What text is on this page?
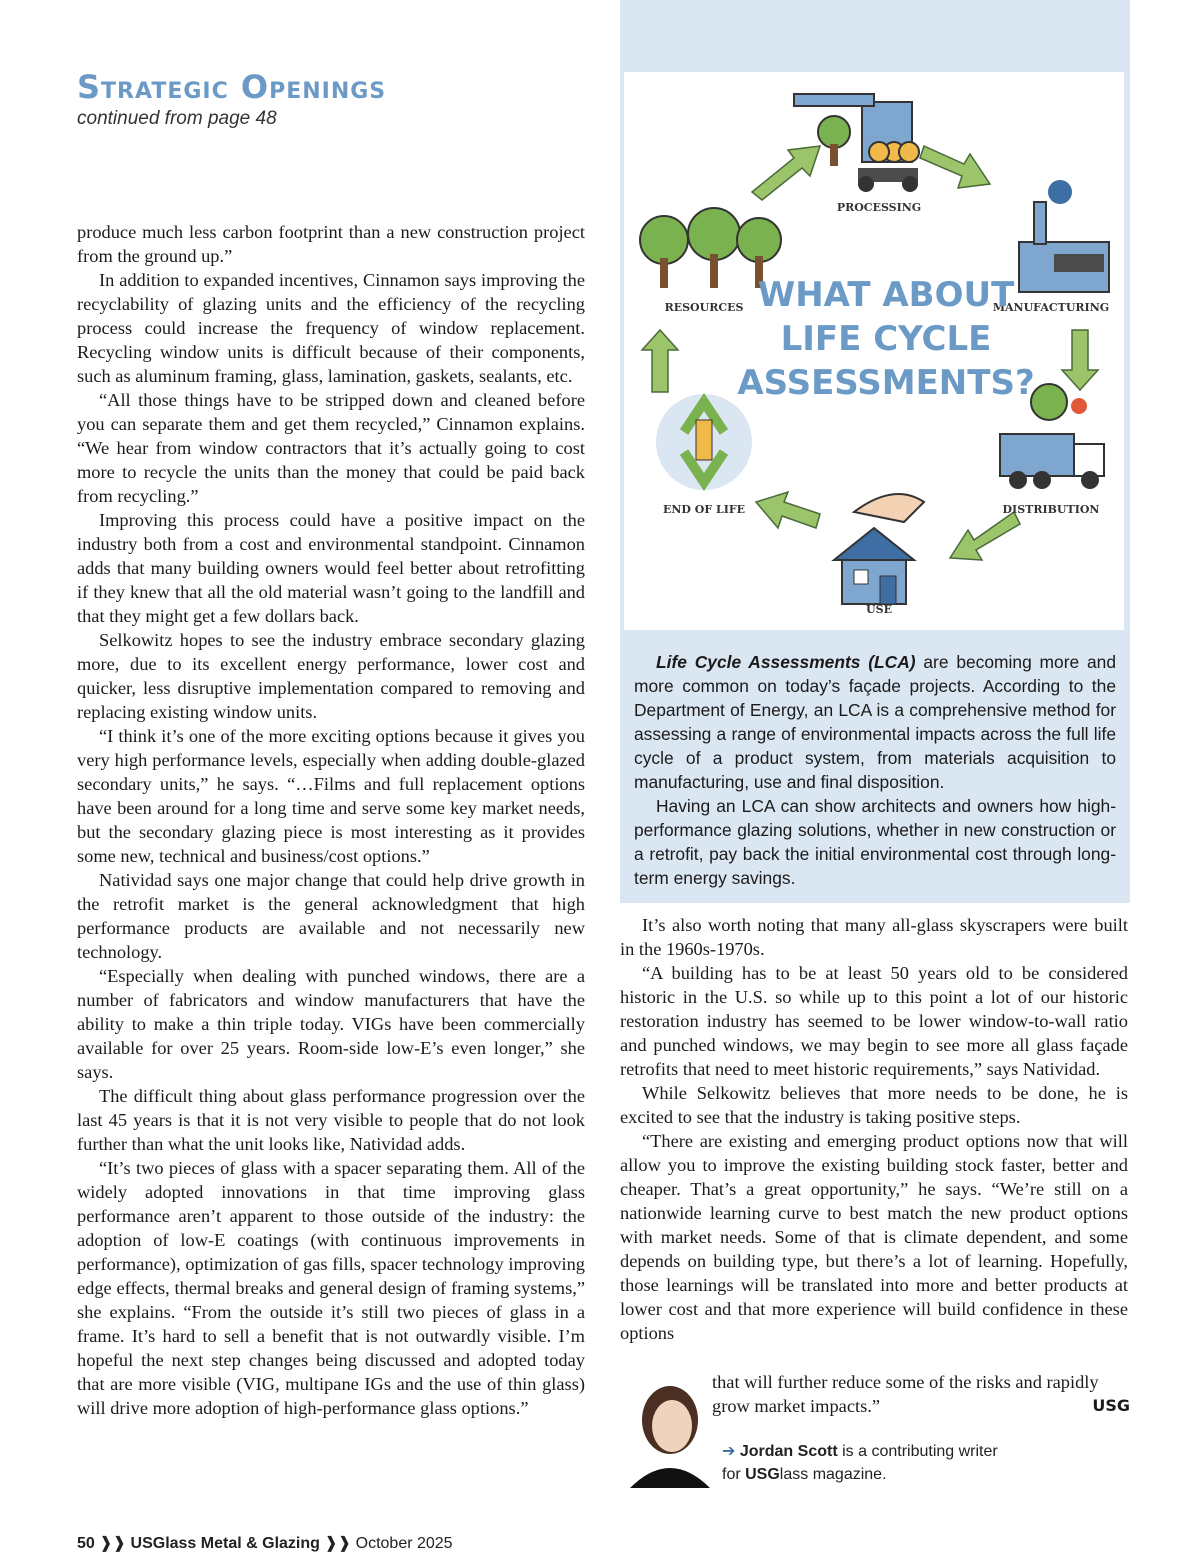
Strategic Openings
continued from page 48

produce much less carbon footprint than a new construction project from the ground up.”

In addition to expanded incentives, Cinnamon says improving the recyclability of glazing units and the efficiency of the recycling process could increase the frequency of window replacement. Recycling window units is difficult because of their components, such as aluminum framing, glass, lamination, gaskets, sealants, etc.

“All those things have to be stripped down and cleaned before you can separate them and get them recycled,” Cinnamon explains. “We hear from window contractors that it’s actually going to cost more to recycle the units than the money that could be paid back from recycling.”

Improving this process could have a positive impact on the industry both from a cost and environmental standpoint. Cinnamon adds that many building owners would feel better about retrofitting if they knew that all the old material wasn’t going to the landfill and that they might get a few dollars back.

Selkowitz hopes to see the industry embrace secondary glazing more, due to its excellent energy performance, lower cost and quicker, less disruptive implementation compared to removing and replacing existing window units.

“I think it’s one of the more exciting options because it gives you very high performance levels, especially when adding double-glazed secondary units,” he says. “…Films and full replacement options have been around for a long time and serve some key market needs, but the secondary glazing piece is most interesting as it provides some new, technical and business/cost options.”

Natividad says one major change that could help drive growth in the retrofit market is the general acknowledgment that high performance products are available and not necessarily new technology.

“Especially when dealing with punched windows, there are a number of fabricators and window manufacturers that have the ability to make a thin triple today. VIGs have been commercially available for over 25 years. Room-side low-E’s even longer,” she says.

The difficult thing about glass performance progression over the last 45 years is that it is not very visible to people that do not look further than what the unit looks like, Natividad adds.

“It’s two pieces of glass with a spacer separating them. All of the widely adopted innovations in that time improving glass performance aren’t apparent to those outside of the industry: the adoption of low-E coatings (with continuous improvements in performance), optimization of gas fills, spacer technology improving edge effects, thermal breaks and general design of framing systems,” she explains. “From the outside it’s still two pieces of glass in a frame. It’s hard to sell a benefit that is not outwardly visible. I’m hopeful the next step changes being discussed and adopted today that are more visible (VIG, multipane IGs and the use of thin glass) will drive more adoption of high-performance glass options.”

PROCESSING
MANUFACTURING
DISTRIBUTION
USE
END OF LIFE
RESOURCES WHAT ABOUT
LIFE CYCLE
ASSESSMENTS?

Life Cycle Assessments (LCA) are becoming more and more common on today’s façade projects. According to the Department of Energy, an LCA is a comprehensive method for assessing a range of environmental impacts across the full life cycle of a product system, from materials acquisition to manufacturing, use and final disposition.

Having an LCA can show architects and owners how high-performance glazing solutions, whether in new construction or a retrofit, pay back the initial environmental cost through long-term energy savings.

It’s also worth noting that many all-glass skyscrapers were built in the 1960s-1970s.

“A building has to be at least 50 years old to be considered historic in the U.S. so while up to this point a lot of our historic restoration industry has seemed to be lower window-to-wall ratio and punched windows, we may begin to see more all glass façade retrofits that need to meet historic requirements,” says Natividad.

While Selkowitz believes that more needs to be done, he is excited to see that the industry is taking positive steps.

“There are existing and emerging product options now that will allow you to improve the existing building stock faster, better and cheaper. That’s a great opportunity,” he says. “We’re still on a nationwide learning curve to best match the new product options with market needs. Some of that is climate dependent, and some depends on building type, but there’s a lot of learning. Hopefully, those learnings will be translated into more and better products at lower cost and that more experience will build confidence in these options

that will further reduce some of the risks and rapidly grow market impacts.”	USG
➔ Jordan Scott is a contributing writer
for USGlass magazine.
50 ❱❱ USGlass Metal & Glazing ❱❱ October 2025
